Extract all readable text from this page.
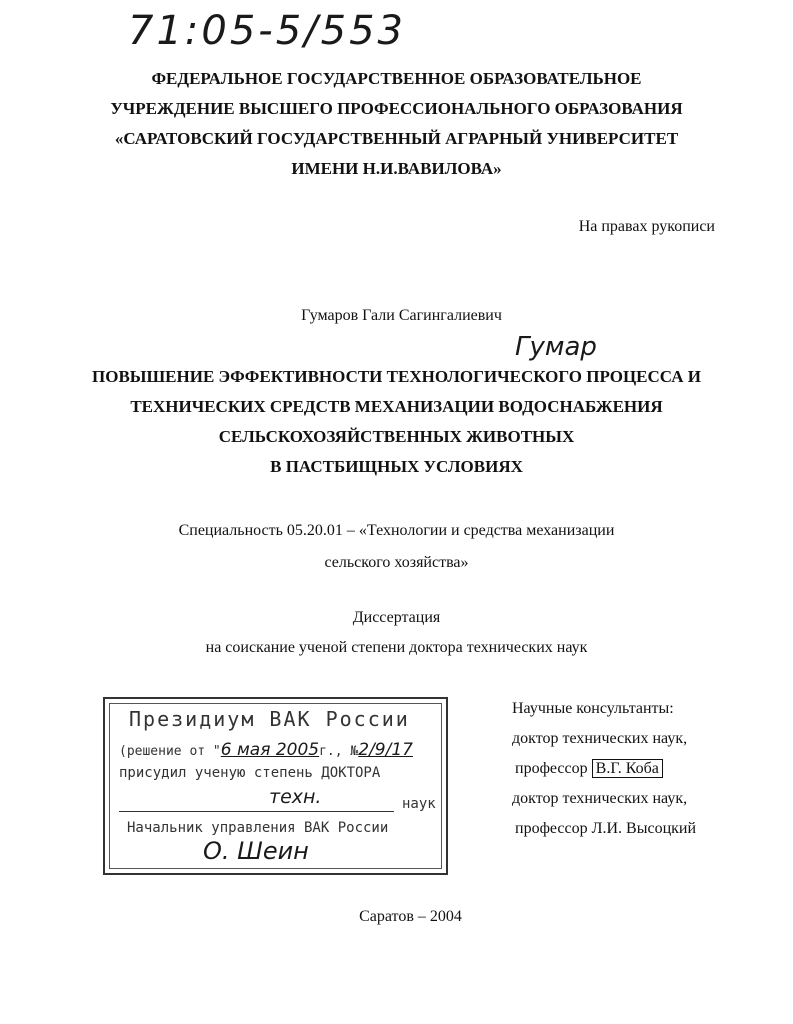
71:05-5/553
ФЕДЕРАЛЬНОЕ ГОСУДАРСТВЕННОЕ ОБРАЗОВАТЕЛЬНОЕ
УЧРЕЖДЕНИЕ ВЫСШЕГО ПРОФЕССИОНАЛЬНОГО ОБРАЗОВАНИЯ
«САРАТОВСКИЙ ГОСУДАРСТВЕННЫЙ АГРАРНЫЙ УНИВЕРСИТЕТ
ИМЕНИ Н.И.ВАВИЛОВА»
На правах рукописи
Гумаров Гали Сагингалиевич
Гумар
ПОВЫШЕНИЕ ЭФФЕКТИВНОСТИ ТЕХНОЛОГИЧЕСКОГО ПРОЦЕССА И
ТЕХНИЧЕСКИХ СРЕДСТВ МЕХАНИЗАЦИИ ВОДОСНАБЖЕНИЯ
СЕЛЬСКОХОЗЯЙСТВЕННЫХ ЖИВОТНЫХ
В ПАСТБИЩНЫХ УСЛОВИЯХ
Специальность 05.20.01 – «Технологии и средства механизации
сельского хозяйства»
Диссертация
на соискание ученой степени доктора технических наук
Президиум ВАК России
(решение от "6 мая 2005г., №2/9/17
присудил ученую степень ДОКТОРА
техн.	наук
Начальник управления ВАК России
О. Шеин
Научные консультанты:
доктор технических наук,
профессор В.Г. Коба
доктор технических наук,
профессор Л.И. Высоцкий
Саратов – 2004
